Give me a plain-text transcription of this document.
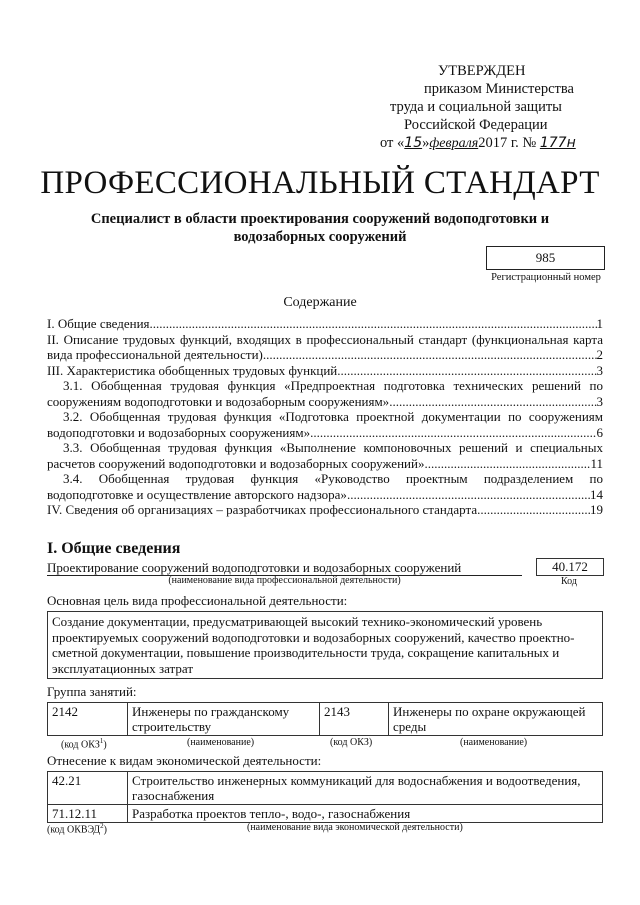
УТВЕРЖДЕН
приказом Министерства
труда и социальной защиты
Российской Федерации
от «15»февраля2017 г. № 177н
ПРОФЕССИОНАЛЬНЫЙ СТАНДАРТ
Специалист в области проектирования сооружений водоподготовки и
водозаборных сооружений
985
Регистрационный номер
Содержание
I. Общие сведения .....	1
II. Описание трудовых функций, входящих в профессиональный стандарт (функциональная карта
вида профессиональной деятельности) .....	2
III. Характеристика обобщенных трудовых функций .....	3
3.1. Обобщенная трудовая функция «Предпроектная подготовка технических решений по
сооружениям водоподготовки и водозаборным сооружениям» .....	3
3.2. Обобщенная трудовая функция «Подготовка проектной документации по сооружениям
водоподготовки и водозаборных сооружениям» .....	6
3.3. Обобщенная трудовая функция «Выполнение компоновочных решений и специальных
расчетов сооружений водоподготовки и водозаборных сооружений» .....	11
3.4. Обобщенная трудовая функция «Руководство проектным подразделением по
водоподготовке и осуществление авторского надзора» .....	14
IV. Сведения об организациях – разработчиках профессионального стандарта .....	19
I. Общие сведения
Проектирование сооружений водоподготовки и водозаборных сооружений
(наименование вида профессиональной деятельности)
40.172
Код
Основная цель вида профессиональной деятельности:
Создание документации, предусматривающей высокий технико-экономический уровень проектируемых сооружений водоподготовки и водозаборных сооружений, качество проектно-сметной документации, повышение производительности труда, сокращение капитальных и эксплуатационных затрат
Группа занятий:
2142	Инженеры по гражданскому строительству	2143	Инженеры по охране окружающей среды
(код ОКЗ$^1$)	(наименование)	(код ОКЗ)	(наименование)
Отнесение к видам экономической деятельности:
42.21	Строительство инженерных коммуникаций для водоснабжения и водоотведения, газоснабжения
71.12.11	Разработка проектов тепло-, водо-, газоснабжения
(код ОКВЭД$^2$)	(наименование вида экономической деятельности)
